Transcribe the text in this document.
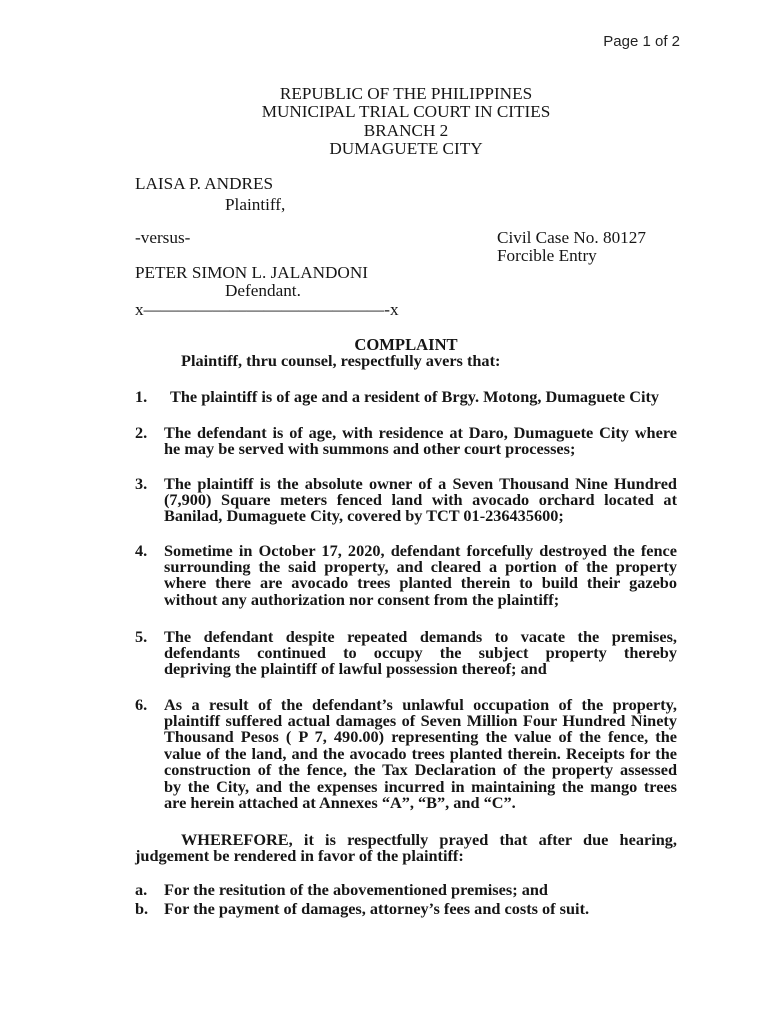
Page 1 of 2
REPUBLIC OF THE PHILIPPINES
MUNICIPAL TRIAL COURT IN CITIES
BRANCH 2
DUMAGUETE CITY
LAISA P. ANDRES
Plaintiff,
-versus-	Civil Case No. 80127
Forcible Entry
PETER SIMON L. JALANDONI
Defendant.
x——————————————-x
COMPLAINT
Plaintiff, thru counsel, respectfully avers that:
1. The plaintiff is of age and a resident of Brgy. Motong, Dumaguete City
2. The defendant is of age, with residence at Daro, Dumaguete City where
he may be served with summons and other court processes;
3. The plaintiff is the absolute owner of a Seven Thousand Nine Hundred
(7,900) Square meters fenced land with avocado orchard located at
Banilad, Dumaguete City, covered by TCT 01-236435600;
4. Sometime in October 17, 2020, defendant forcefully destroyed the fence
surrounding the said property, and cleared a portion of the property
where there are avocado trees planted therein to build their gazebo
without any authorization nor consent from the plaintiff;
5. The defendant despite repeated demands to vacate the premises,
defendants continued to occupy the subject property thereby
depriving the plaintiff of lawful possession thereof; and
6. As a result of the defendant’s unlawful occupation of the property,
plaintiff suffered actual damages of Seven Million Four Hundred Ninety
Thousand Pesos ( P 7, 490.00) representing the value of the fence, the
value of the land, and the avocado trees planted therein. Receipts for the
construction of the fence, the Tax Declaration of the property assessed
by the City, and the expenses incurred in maintaining the mango trees
are herein attached at Annexes “A”, “B”, and “C”.
WHEREFORE, it is respectfully prayed that after due hearing,
judgement be rendered in favor of the plaintiff:
a. For the resitution of the abovementioned premises; and
b. For the payment of damages, attorney’s fees and costs of suit.
